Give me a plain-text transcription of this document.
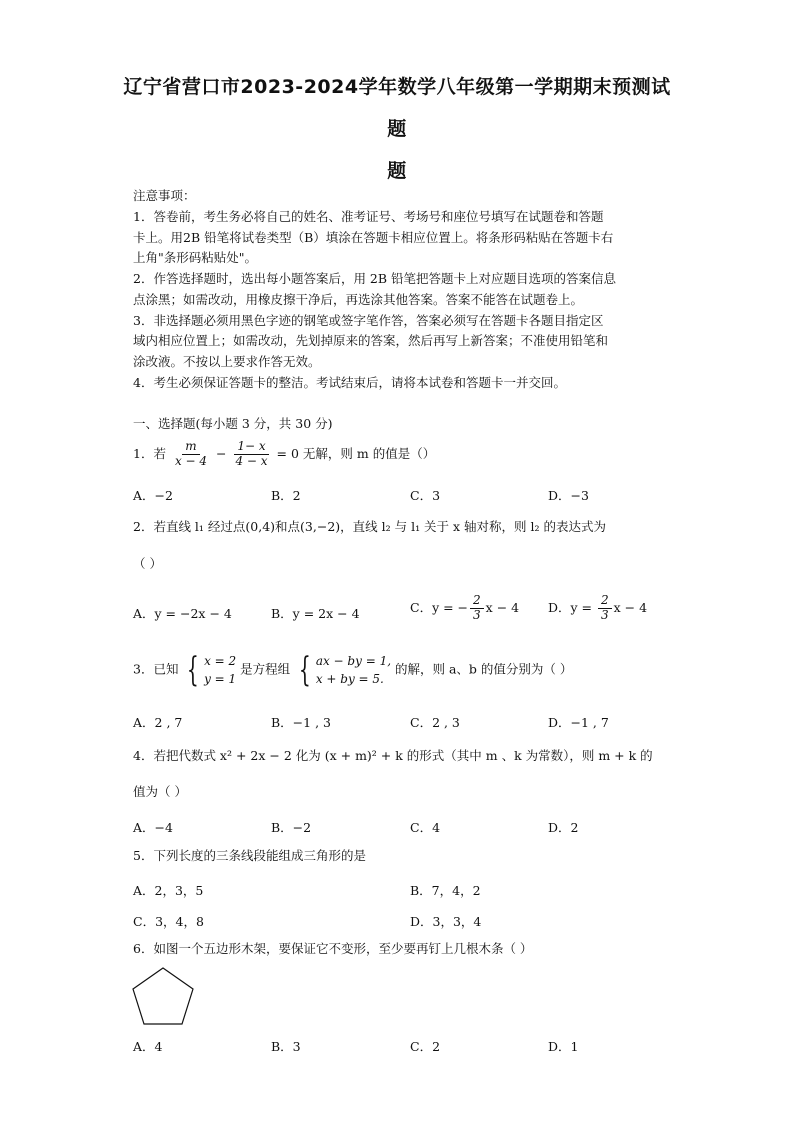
辽宁省营口市2023-2024学年数学八年级第一学期期末预测试
题
题
注意事项：
1．答卷前，考生务必将自己的姓名、准考证号、考场号和座位号填写在试题卷和答题
卡上。用2B 铅笔将试卷类型（B）填涂在答题卡相应位置上。将条形码粘贴在答题卡右
上角"条形码粘贴处"。
2．作答选择题时，选出每小题答案后，用 2B 铅笔把答题卡上对应题目选项的答案信息
点涂黑；如需改动，用橡皮擦干净后，再选涂其他答案。答案不能答在试题卷上。
3．非选择题必须用黑色字迹的钢笔或签字笔作答，答案必须写在答题卡各题目指定区
域内相应位置上；如需改动，先划掉原来的答案，然后再写上新答案；不准使用铅笔和
涂改液。不按以上要求作答无效。
4．考生必须保证答题卡的整洁。考试结束后，请将本试卷和答题卡一并交回。
一、选择题(每小题 3 分，共 30 分)
1．若 $\frac{m}{x - 4} - \frac{1- x}{4 - x} = 0$ 无解，则 m 的值是（）
A．−2	B．2	C．3	D．−3
2．若直线 l₁ 经过点(0,4)和点(3,−2)，直线 l₂ 与 l₁ 关于 x 轴对称，则 l₂ 的表达式为
（ ）
A．y = −2x − 4	B．y = 2x − 4	C．y = − $\frac{2}{3}$ x − 4 D．$y = \frac{2}{3}$ x − 4
3．已知 { x = 2
y = 1
是方程组 { ax − by = 1,
x + by = 5.
的解，则 a、b 的值分别为（ ）
A．2 , 7	B．−1 , 3	C．2 , 3	D．−1 , 7
4．若把代数式 x² + 2x − 2 化为 (x + m)² + k 的形式（其中 m 、k 为常数），则 m + k 的
值为（ ）
A．−4	B．−2	C．4	D．2
5．下列长度的三条线段能组成三角形的是
A．2，3，5	B．7，4，2
C．3，4，8	D．3，3，4
6．如图一个五边形木架，要保证它不变形，至少要再钉上几根木条（ ）
A．4	B．3	C．2	D．1
